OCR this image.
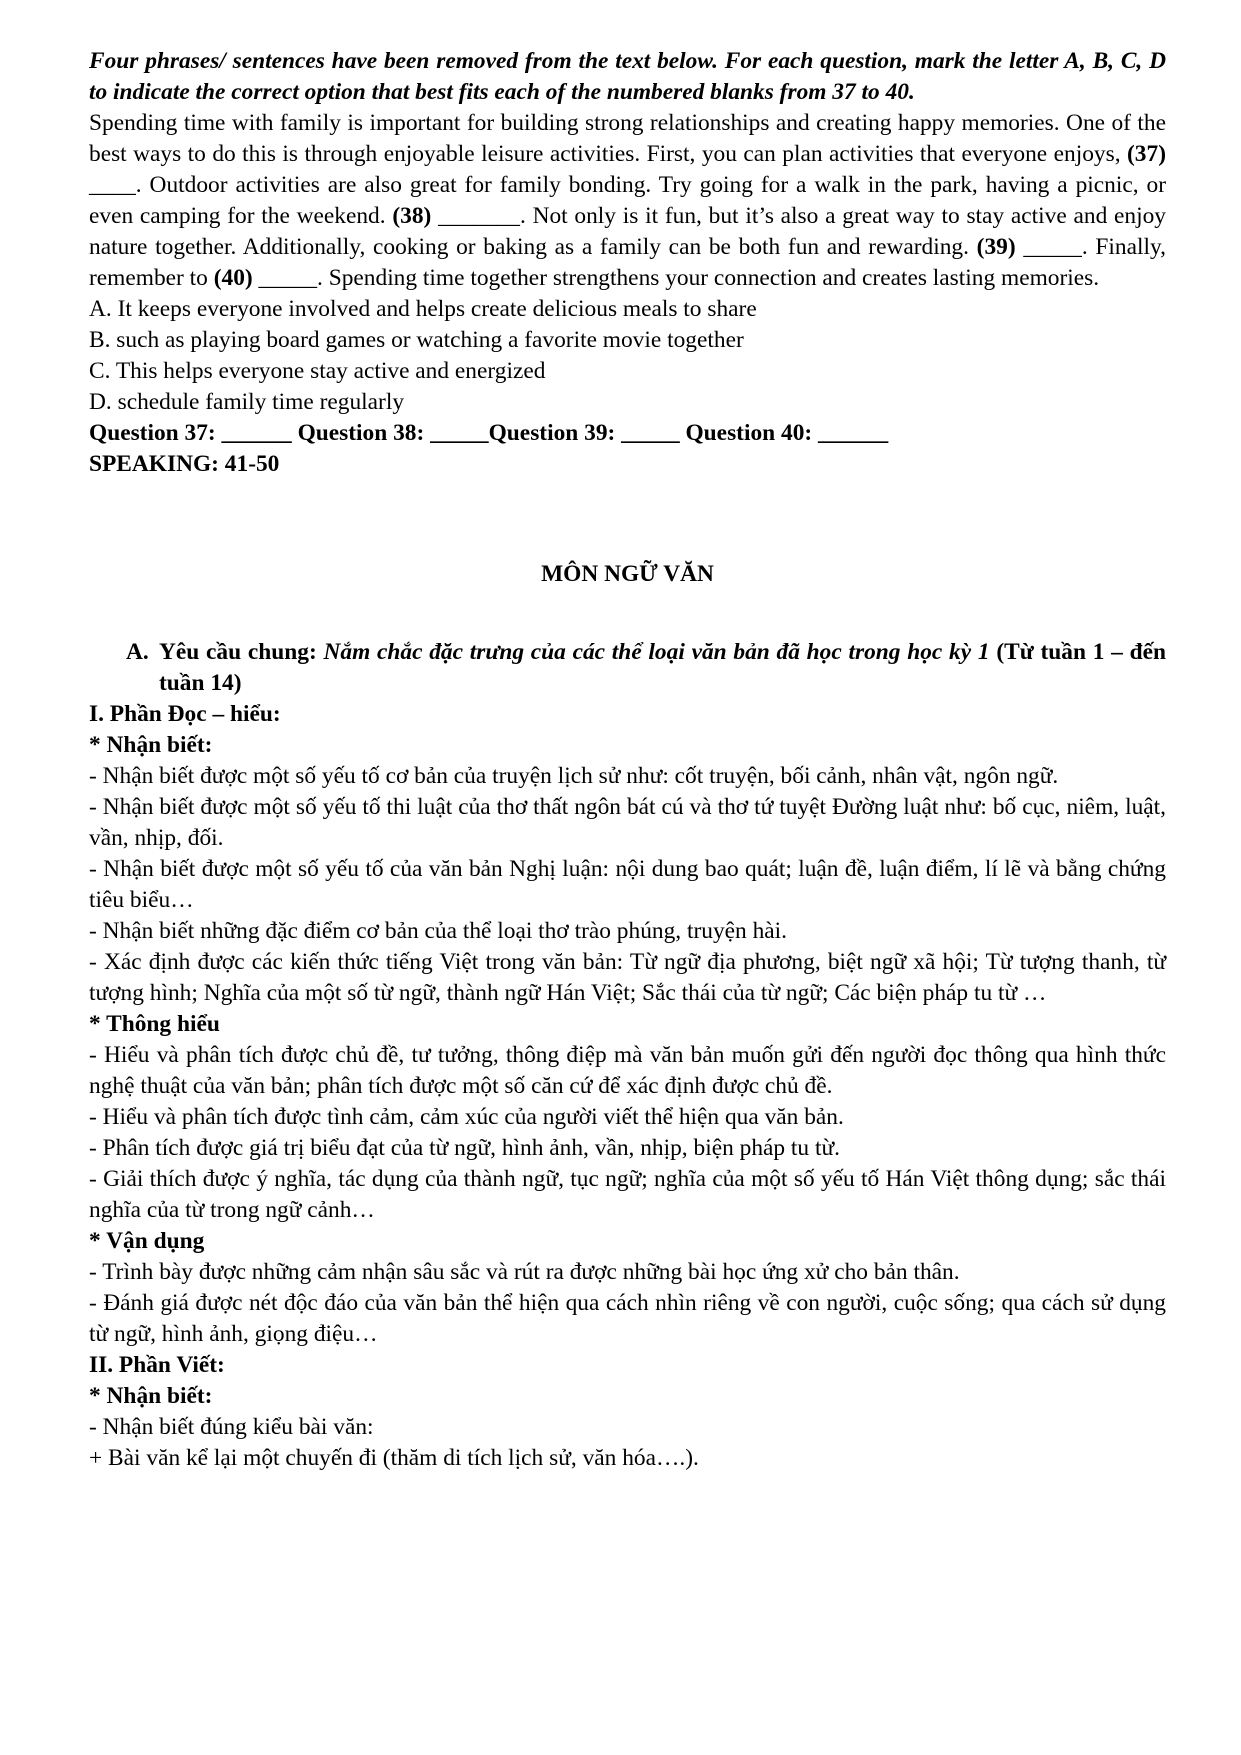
Four phrases/ sentences have been removed from the text below. For each question, mark the letter A, B, C, D to indicate the correct option that best fits each of the numbered blanks from 37 to 40.

Spending time with family is important for building strong relationships and creating happy memories. One of the best ways to do this is through enjoyable leisure activities. First, you can plan activities that everyone enjoys, (37) ____. Outdoor activities are also great for family bonding. Try going for a walk in the park, having a picnic, or even camping for the weekend. (38) _______. Not only is it fun, but it’s also a great way to stay active and enjoy nature together. Additionally, cooking or baking as a family can be both fun and rewarding. (39) _____. Finally, remember to (40) _____. Spending time together strengthens your connection and creates lasting memories.

A. It keeps everyone involved and helps create delicious meals to share

B. such as playing board games or watching a favorite movie together

C. This helps everyone stay active and energized

D. schedule family time regularly

Question 37: ______ Question 38: _____Question 39: _____ Question 40: ______

SPEAKING: 41-50

MÔN NGỮ VĂN

A. Yêu cầu chung: Nắm chắc đặc trưng của các thể loại văn bản đã học trong học kỳ 1 (Từ tuần 1 – đến tuần 14)

I. Phần Đọc – hiểu:

* Nhận biết:

- Nhận biết được một số yếu tố cơ bản của truyện lịch sử như: cốt truyện, bối cảnh, nhân vật, ngôn ngữ.

- Nhận biết được một số yếu tố thi luật của thơ thất ngôn bát cú và thơ tứ tuyệt Đường luật như: bố cục, niêm, luật, vần, nhịp, đối.

- Nhận biết được một số yếu tố của văn bản Nghị luận: nội dung bao quát; luận đề, luận điểm, lí lẽ và bằng chứng tiêu biểu…

- Nhận biết những đặc điểm cơ bản của thể loại thơ trào phúng, truyện hài.

- Xác định được các kiến thức tiếng Việt trong văn bản: Từ ngữ địa phương, biệt ngữ xã hội; Từ tượng thanh, từ tượng hình; Nghĩa của một số từ ngữ, thành ngữ Hán Việt; Sắc thái của từ ngữ; Các biện pháp tu từ …

* Thông hiểu

- Hiểu và phân tích được chủ đề, tư tưởng, thông điệp mà văn bản muốn gửi đến người đọc thông qua hình thức nghệ thuật của văn bản; phân tích được một số căn cứ để xác định được chủ đề.

- Hiểu và phân tích được tình cảm, cảm xúc của người viết thể hiện qua văn bản.

- Phân tích được giá trị biểu đạt của từ ngữ, hình ảnh, vần, nhịp, biện pháp tu từ.

- Giải thích được ý nghĩa, tác dụng của thành ngữ, tục ngữ; nghĩa của một số yếu tố Hán Việt thông dụng; sắc thái nghĩa của từ trong ngữ cảnh…

* Vận dụng

- Trình bày được những cảm nhận sâu sắc và rút ra được những bài học ứng xử cho bản thân.

- Đánh giá được nét độc đáo của văn bản thể hiện qua cách nhìn riêng về con người, cuộc sống; qua cách sử dụng từ ngữ, hình ảnh, giọng điệu…

II. Phần Viết:

* Nhận biết:

- Nhận biết đúng kiểu bài văn:

+ Bài văn kể lại một chuyến đi (thăm di tích lịch sử, văn hóa….).
